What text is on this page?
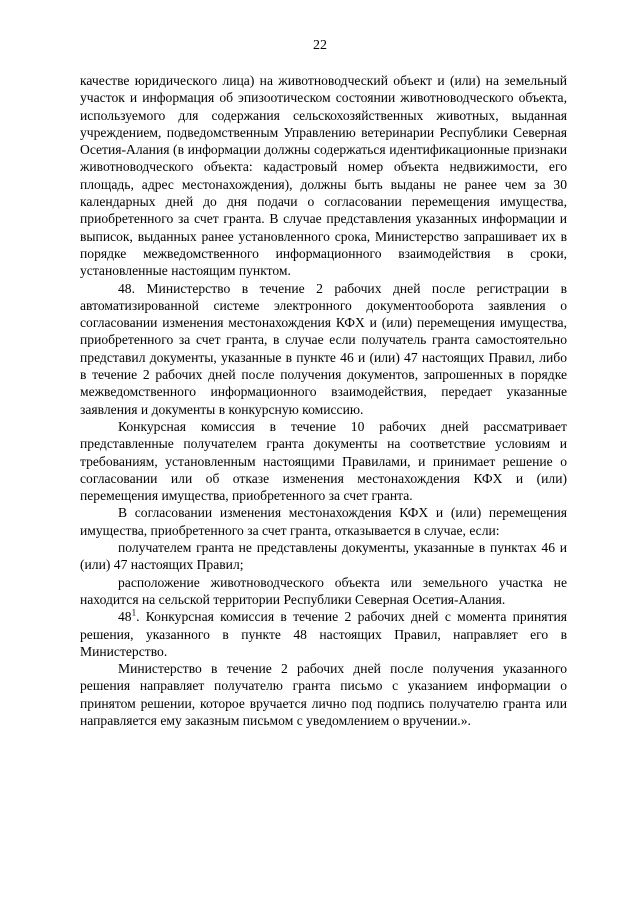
22

качестве юридического лица) на животноводческий объект и (или) на земельный участок и информация об эпизоотическом состоянии животноводческого объекта, используемого для содержания сельскохозяйственных животных, выданная учреждением, подведомственным Управлению ветеринарии Республики Северная Осетия-Алания (в информации должны содержаться идентификационные признаки животноводческого объекта: кадастровый номер объекта недвижимости, его площадь, адрес местонахождения), должны быть выданы не ранее чем за 30 календарных дней до дня подачи о согласовании перемещения имущества, приобретенного за счет гранта. В случае представления указанных информации и выписок, выданных ранее установленного срока, Министерство запрашивает их в порядке межведомственного информационного взаимодействия в сроки, установленные настоящим пунктом.

48. Министерство в течение 2 рабочих дней после регистрации в автоматизированной системе электронного документооборота заявления о согласовании изменения местонахождения КФХ и (или) перемещения имущества, приобретенного за счет гранта, в случае если получатель гранта самостоятельно представил документы, указанные в пункте 46 и (или) 47 настоящих Правил, либо в течение 2 рабочих дней после получения документов, запрошенных в порядке межведомственного информационного взаимодействия, передает указанные заявления и документы в конкурсную комиссию.

Конкурсная комиссия в течение 10 рабочих дней рассматривает представленные получателем гранта документы на соответствие условиям и требованиям, установленным настоящими Правилами, и принимает решение о согласовании или об отказе изменения местонахождения КФХ и (или) перемещения имущества, приобретенного за счет гранта.

В согласовании изменения местонахождения КФХ и (или) перемещения имущества, приобретенного за счет гранта, отказывается в случае, если:

получателем гранта не представлены документы, указанные в пунктах 46 и (или) 47 настоящих Правил;

расположение животноводческого объекта или земельного участка не находится на сельской территории Республики Северная Осетия-Алания.

$48^1$. Конкурсная комиссия в течение 2 рабочих дней с момента принятия решения, указанного в пункте 48 настоящих Правил, направляет его в Министерство.

Министерство в течение 2 рабочих дней после получения указанного решения направляет получателю гранта письмо с указанием информации о принятом решении, которое вручается лично под подпись получателю гранта или направляется ему заказным письмом с уведомлением о вручении.».
